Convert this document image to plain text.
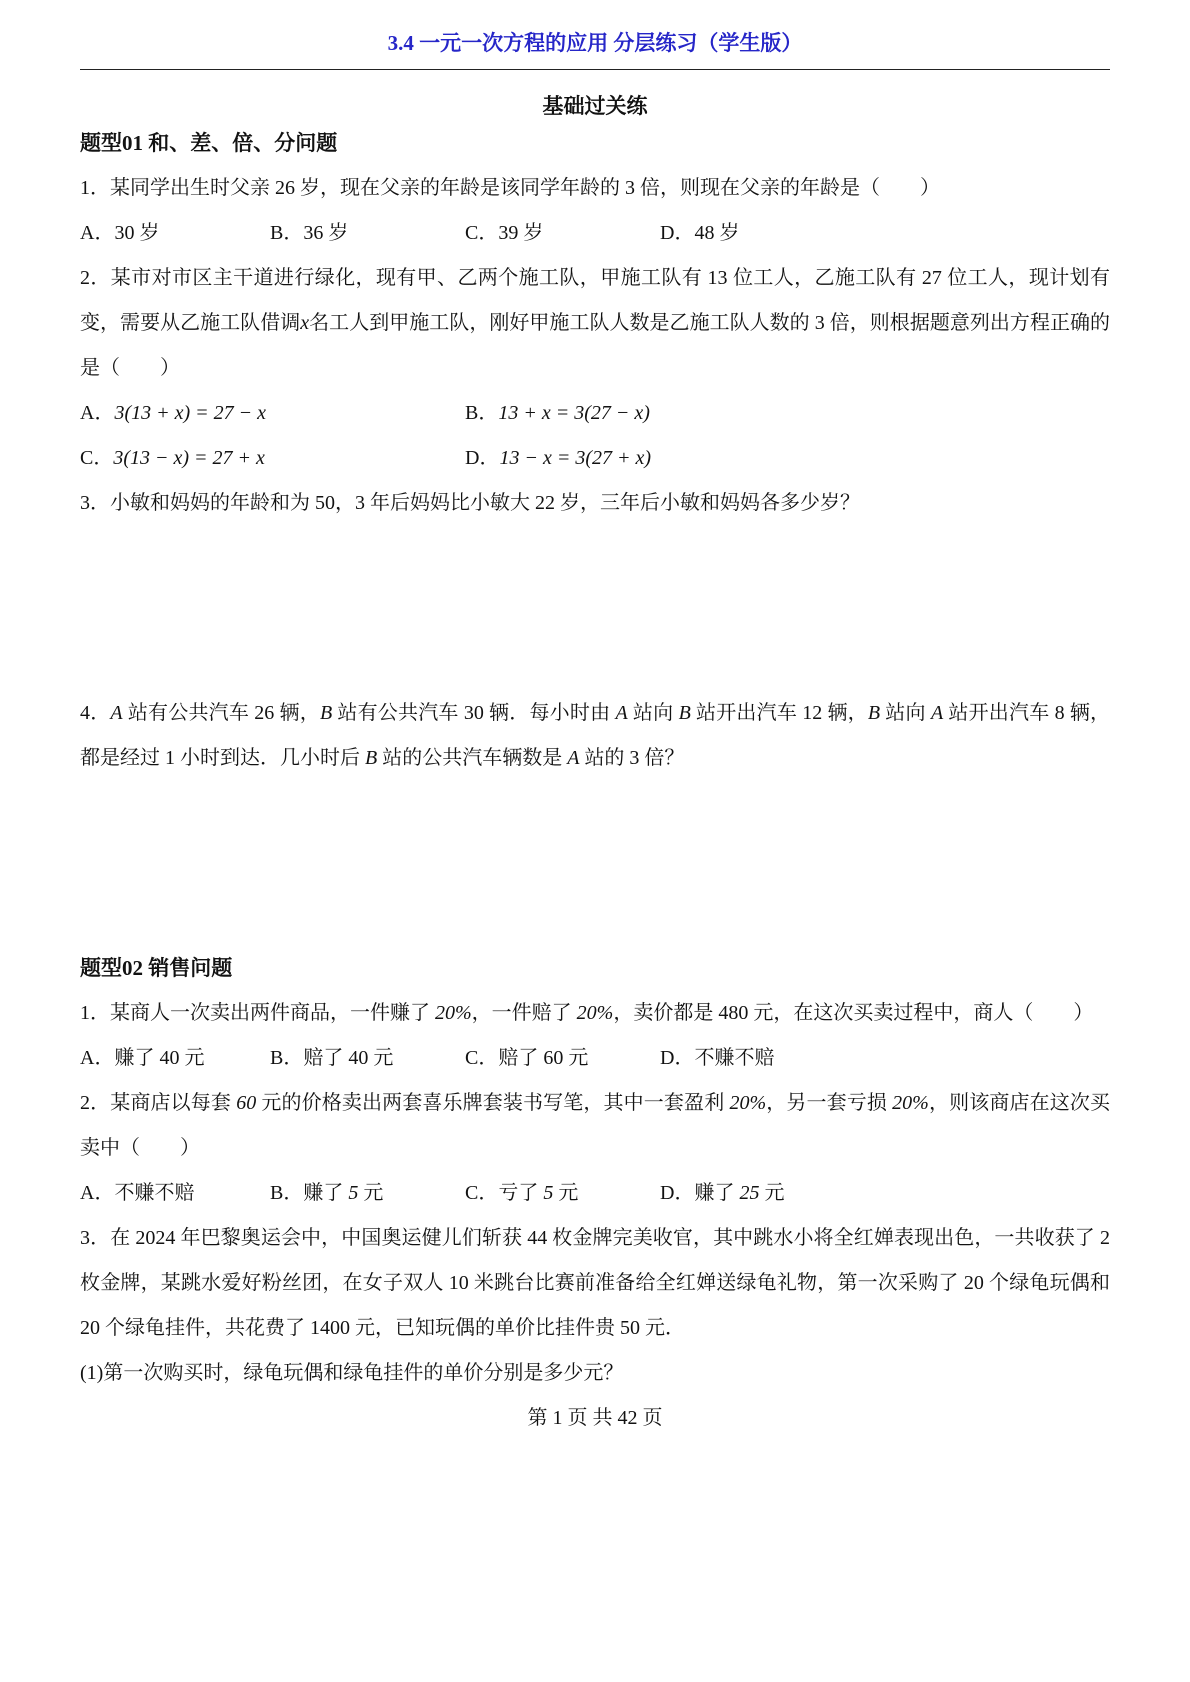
3.4 一元一次方程的应用 分层练习（学生版）
基础过关练
题型01 和、差、倍、分问题

1．某同学出生时父亲 26 岁，现在父亲的年龄是该同学年龄的 3 倍，则现在父亲的年龄是（　　）

A．30 岁	B．36 岁	C．39 岁	D．48 岁

2．某市对市区主干道进行绿化，现有甲、乙两个施工队，甲施工队有 13 位工人，乙施工队有 27 位工人，现计划有变，需要从乙施工队借调x名工人到甲施工队，刚好甲施工队人数是乙施工队人数的 3 倍，则根据题意列出方程正确的是（　　）

A．3(13 + x) = 27 − x	B．13 + x = 3(27 − x)
C．3(13 − x) = 27 + x	D．13 − x = 3(27 + x)

3．小敏和妈妈的年龄和为 50，3 年后妈妈比小敏大 22 岁，三年后小敏和妈妈各多少岁？

4．A 站有公共汽车 26 辆，B 站有公共汽车 30 辆．每小时由 A 站向 B 站开出汽车 12 辆，B 站向 A 站开出汽车 8 辆，都是经过 1 小时到达．几小时后 B 站的公共汽车辆数是 A 站的 3 倍？

题型02 销售问题

1．某商人一次卖出两件商品，一件赚了 20%，一件赔了 20%，卖价都是 480 元，在这次买卖过程中，商人（　　）

A．赚了 40 元	B．赔了 40 元	C．赔了 60 元	D．不赚不赔

2．某商店以每套 60 元的价格卖出两套喜乐牌套装书写笔，其中一套盈利 20%，另一套亏损 20%，则该商店在这次买卖中（　　）

A．不赚不赔	B．赚了 5 元	C．亏了 5 元	D．赚了 25 元

3．在 2024 年巴黎奥运会中，中国奥运健儿们斩获 44 枚金牌完美收官，其中跳水小将全红婵表现出色，一共收获了 2 枚金牌，某跳水爱好粉丝团，在女子双人 10 米跳台比赛前准备给全红婵送绿龟礼物，第一次采购了 20 个绿龟玩偶和 20 个绿龟挂件，共花费了 1400 元，已知玩偶的单价比挂件贵 50 元．

(1)第一次购买时，绿龟玩偶和绿龟挂件的单价分别是多少元？

第 1 页 共 42 页
